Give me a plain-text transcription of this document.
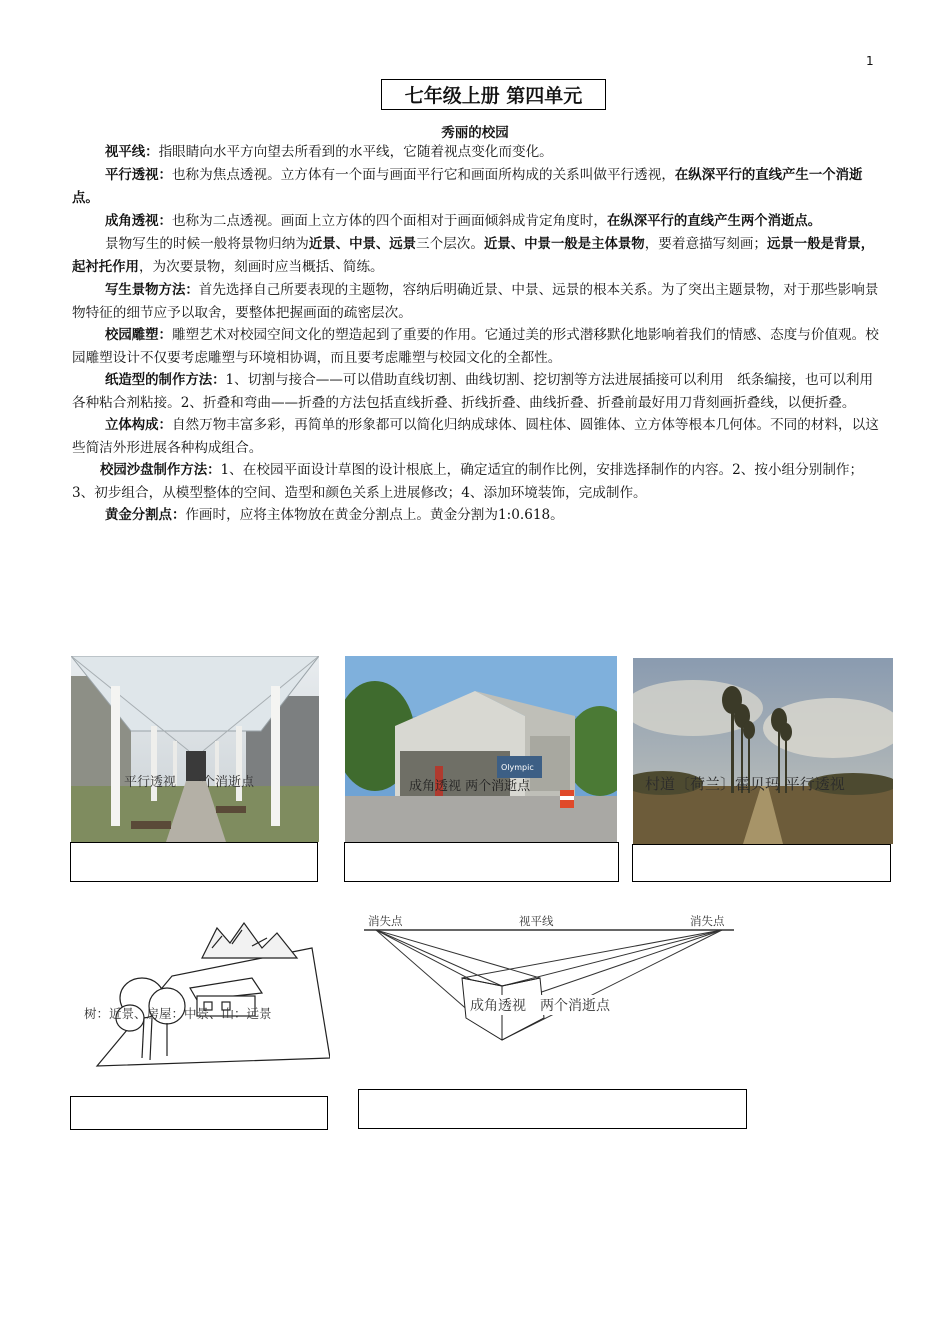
1
七年级上册 第四单元
秀丽的校园

视平线：指眼睛向水平方向望去所看到的水平线，它随着视点变化而变化。

平行透视：也称为焦点透视。立方体有一个面与画面平行它和画面所构成的关系叫做平行透视，在纵深平行的直线产生一个消逝点。

成角透视：也称为二点透视。画面上立方体的四个面相对于画面倾斜成肯定角度时，在纵深平行的直线产生两个消逝点。

景物写生的时候一般将景物归纳为近景、中景、远景三个层次。近景、中景一般是主体景物，要着意描写刻画；远景一般是背景，起衬托作用，为次要景物，刻画时应当概括、简练。

写生景物方法：首先选择自己所要表现的主题物，容纳后明确近景、中景、远景的根本关系。为了突出主题景物，对于那些影响景物特征的细节应予以取舍，要整体把握画面的疏密层次。

校园雕塑：雕塑艺术对校园空间文化的塑造起到了重要的作用。它通过美的形式潜移默化地影响着我们的情感、态度与价值观。校园雕塑设计不仅要考虑雕塑与环境相协调，而且要考虑雕塑与校园文化的全都性。

纸造型的制作方法：1、切割与接合——可以借助直线切割、曲线切割、挖切割等方法进展插接可以利用　纸条编接，也可以利用各种粘合剂粘接。2、折叠和弯曲——折叠的方法包括直线折叠、折线折叠、曲线折叠、折叠前最好用刀背刻画折叠线，以便折叠。

立体构成：自然万物丰富多彩，再简单的形象都可以简化归纳成球体、圆柱体、圆锥体、立方体等根本几何体。不同的材料，以这些简洁外形进展各种构成组合。

校园沙盘制作方法：1、在校园平面设计草图的设计根底上，确定适宜的制作比例，安排选择制作的内容。2、按小组分别制作；3、初步组合，从模型整体的空间、造型和颜色关系上进展修改；4、添加环境装饰，完成制作。

黄金分割点：作画时，应将主体物放在黄金分割点上。黄金分割为1:0.618。

平行透视　一个消逝点
Olympic
成角透视 两个消逝点	村道〔荷兰〕霍贝玛 平行透视
树：近景、房屋：中景、山：远景
消失点	视平线	消失点
成角透视　两个消逝点
